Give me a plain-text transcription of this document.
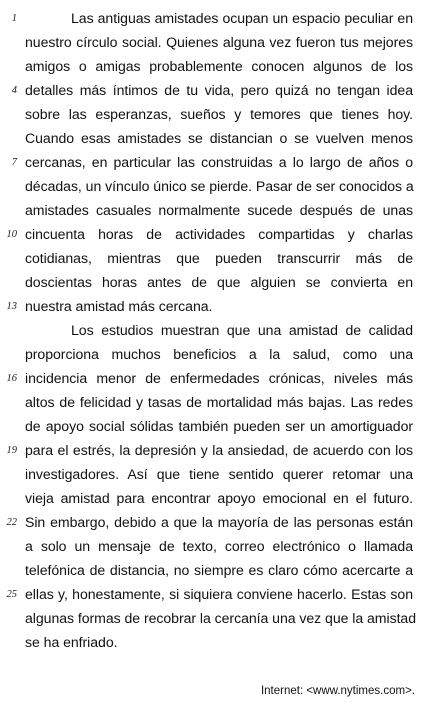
1	Las antiguas amistades ocupan un espacio peculiar en
nuestro círculo social. Quienes alguna vez fueron tus mejores
amigos o amigas probablemente conocen algunos de los
4 detalles más íntimos de tu vida, pero quizá no tengan idea
sobre las esperanzas, sueños y temores que tienes hoy.
Cuando esas amistades se distancian o se vuelven menos
7 cercanas, en particular las construidas a lo largo de años o
décadas, un vínculo único se pierde. Pasar de ser conocidos a
amistades casuales normalmente sucede después de unas
10 cincuenta horas de actividades compartidas y charlas
cotidianas, mientras que pueden transcurrir más de
doscientas horas antes de que alguien se convierta en
13 nuestra amistad más cercana.
Los estudios muestran que una amistad de calidad
proporciona muchos beneficios a la salud, como una
16 incidencia menor de enfermedades crónicas, niveles más
altos de felicidad y tasas de mortalidad más bajas. Las redes
de apoyo social sólidas también pueden ser un amortiguador
19 para el estrés, la depresión y la ansiedad, de acuerdo con los
investigadores. Así que tiene sentido querer retomar una
vieja amistad para encontrar apoyo emocional en el futuro.
22 Sin embargo, debido a que la mayoría de las personas están
a solo un mensaje de texto, correo electrónico o llamada
telefónica de distancia, no siempre es claro cómo acercarte a
25 ellas y, honestamente, si siquiera conviene hacerlo. Estas son
algunas formas de recobrar la cercanía una vez que la amistad
se ha enfriado.
Internet: <www.nytimes.com>.
